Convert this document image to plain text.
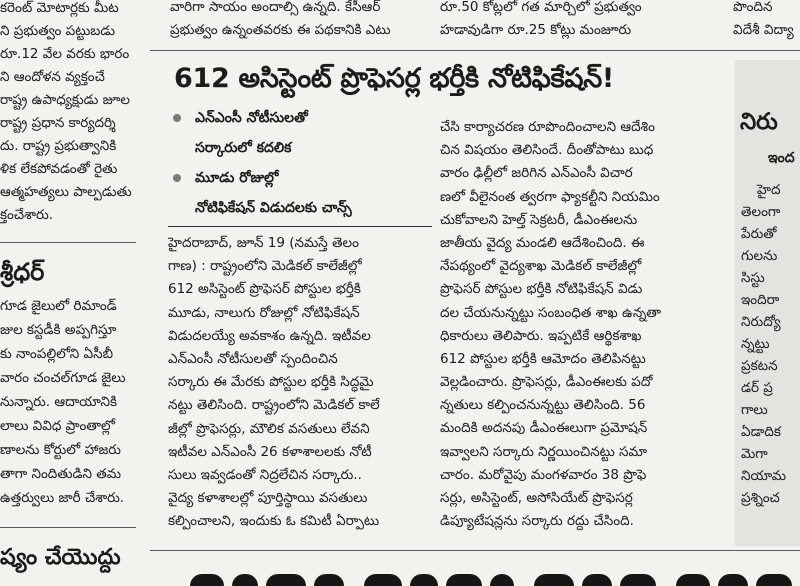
వారిగా సాయం అందాల్సి ఉన్నది. కేసీఆర్
ప్రభుత్వం ఉన్నంతవరకు ఈ పథకానికి ఎటు
రూ.50 కోట్లలో గత మార్చిలో ప్రభుత్వం
హడావుడిగా రూ.25 కోట్లు మంజూరు
పొందిన
విదేశీ విద్యా
కరెంట్ మోటార్లకు మీట
ని ప్రభుత్వం పట్టుబడు
రూ.12 వేల వరకు భారం
ని ఆందోళన వ్యక్తంచే
రాష్ట్ర ఉపాధ్యక్షుడు జూల
రాష్ట్ర ప్రధాన కార్యదర్శి
దు. రాష్ట్ర ప్రభుత్వానికి
ళిక లేకపోవడంతో రైతు
ఆత్మహత్యలు పాల్పడుతు
క్తంచేశారు.
శ్రీధర్
గూడ జైలులో రిమాండ్
జుల కస్టడీకి అప్పగిస్తూ
కు నాంపల్లిలోని ఏసీబీ
వారం చంచల్‌గూడ జైలు
నున్నారు. ఆదాయానికి
లాలు వివిధ ప్రాంతాల్లో
ణాలను కోర్టులో హాజరు
తాగా నిందితుడిని తమ
ఉత్తర్వులు జారీ చేశారు.
ష్యం చేయొద్దు
612 అసిస్టెంట్ ప్రొఫెసర్ల భర్తీకి నోటిఫికేషన్!
ఎన్ఎంసీ నోటీసులతో
సర్కారులో కదలిక
మూడు రోజుల్లో
నోటిఫికేషన్ విడుదలకు చాన్స్
హైదరాబాద్, జూన్ 19 (నమస్తే తెలం
గాణ) : రాష్ట్రంలోని మెడికల్ కాలేజీల్లో
612 అసిస్టెంట్ ప్రొఫెసర్ పోస్టుల భర్తీకి
మూడు, నాలుగు రోజుల్లో నోటిఫికేషన్
విడుదలయ్యే అవకాశం ఉన్నది. ఇటీవల
ఎన్ఎంసీ నోటీసులతో స్పందించిన
సర్కారు ఈ మేరకు పోస్టుల భర్తీకి సిద్ధమై
నట్టు తెలిసింది. రాష్ట్రంలోని మెడికల్ కాలే
జీల్లో ప్రొఫెసర్లు, మౌలిక వసతులు లేవని
ఇటీవల ఎన్ఎంసీ 26 కళాశాలలకు నోటీ
సులు ఇవ్వడంతో నిద్రలేచిన సర్కారు..
వైద్య కళాశాలల్లో పూర్తిస్థాయి వసతులు
కల్పించాలని, ఇందుకు ఓ కమిటీ ఏర్పాటు
చేసి కార్యాచరణ రూపొందించాలని ఆదేశిం
చిన విషయం తెలిసిందే. దీంతోపాటు బుధ
వారం ఢిల్లీలో జరిగిన ఎన్ఎంసీ విచార
ణలో వీలైనంత త్వరగా ఫ్యాకల్టీని నియమిం
చుకోవాలని హెల్త్ సెక్రటరీ, డీఎంఈలను
జాతీయ వైద్య మండలి ఆదేశించింది. ఈ
నేపథ్యంలో వైద్యశాఖ మెడికల్ కాలేజీల్లో
ప్రొఫెసర్ పోస్టుల భర్తీకి నోటిఫికేషన్ విడు
దల చేయనున్నట్టు సంబంధిత శాఖ ఉన్నతా
ధికారులు తెలిపారు. ఇప్పటికే ఆర్థికశాఖ
612 పోస్టుల భర్తీకి ఆమోదం తెలిపినట్టు
వెల్లడించారు. ప్రొఫెసర్లు, డీఎంఈలకు పదో
న్నతులు కల్పించనున్నట్టు తెలిసింది. 56
మందికి అదనపు డీఎంఈలుగా ప్రమోషన్
ఇవ్వాలని సర్కారు నిర్ణయించినట్టు సమా
చారం. మరోవైపు మంగళవారం 38 ప్రొఫె
సర్లు, అసిస్టెంట్, అసోసియేట్ ప్రొఫెసర్ల
డిప్యూటేషన్లను సర్కారు రద్దు చేసింది.
నిరు
ఇంద
హైద
తెలంగా
పేరుతో
గులను
సిస్టు
ఇందిరా
నిరుద్యో
న్నట్టు
ప్రకటన
డర్ ప్ర
గాలు
ఏడాదిక
మెగా
నియామ
ప్రశ్నించ
